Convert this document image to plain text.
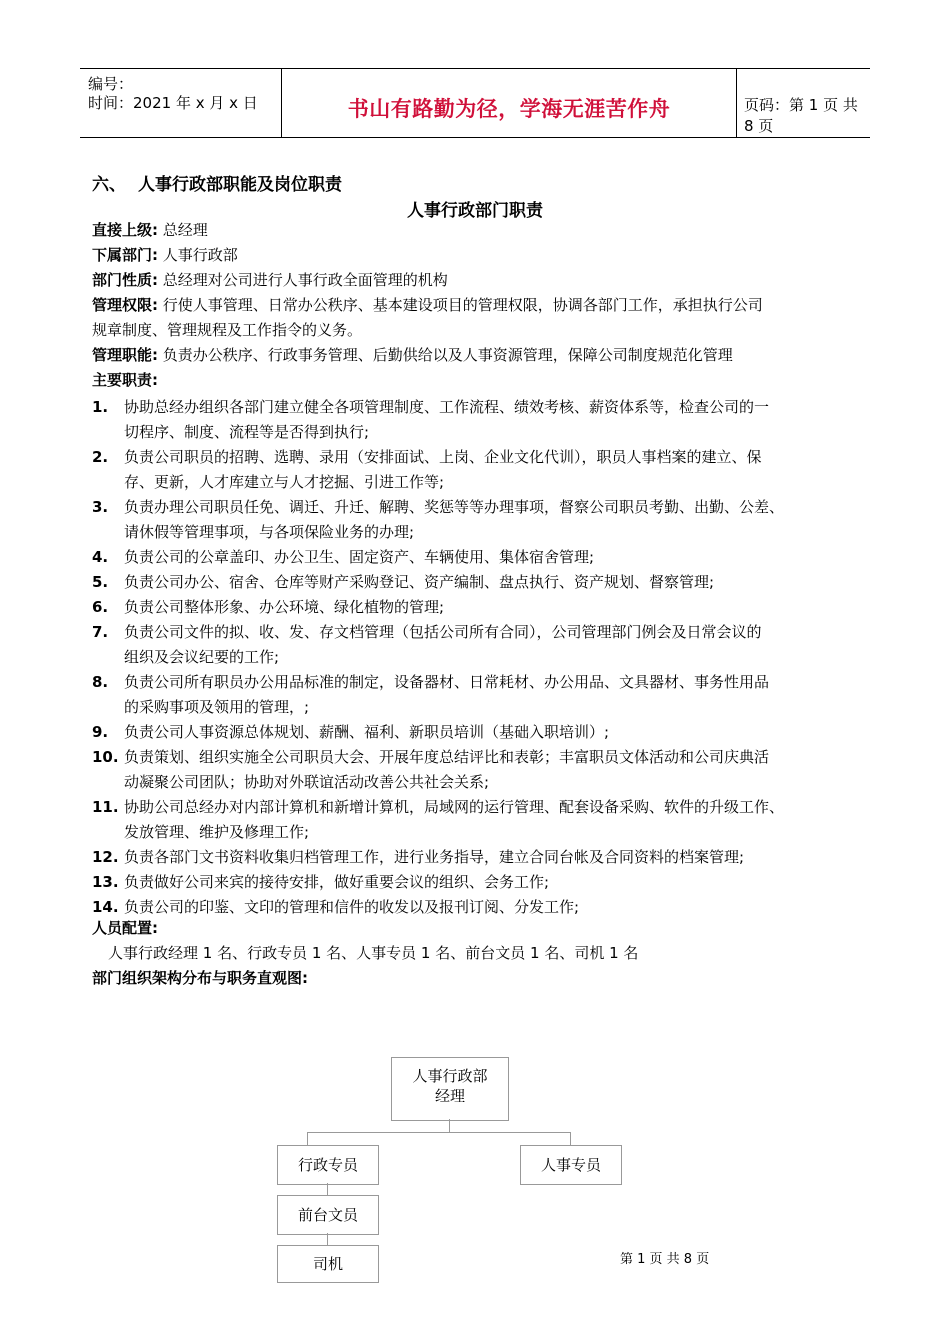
编号：
时间：2021 年 x 月 x 日	书山有路勤为径，学海无涯苦作舟	页码：第 1 页 共 8 页
六、 人事行政部职能及岗位职责
人事行政部门职责
直接上级: 总经理
下属部门: 人事行政部
部门性质: 总经理对公司进行人事行政全面管理的机构
管理权限: 行使人事管理、日常办公秩序、基本建设项目的管理权限，协调各部门工作，承担执行公司
规章制度、管理规程及工作指令的义务。
管理职能: 负责办公秩序、行政事务管理、后勤供给以及人事资源管理，保障公司制度规范化管理
主要职责:
1. 协助总经办组织各部门建立健全各项管理制度、工作流程、绩效考核、薪资体系等，检查公司的一
切程序、制度、流程等是否得到执行;
2. 负责公司职员的招聘、选聘、录用（安排面试、上岗、企业文化代训），职员人事档案的建立、保
存、更新，人才库建立与人才挖掘、引进工作等;
3. 负责办理公司职员任免、调迁、升迁、解聘、奖惩等等办理事项，督察公司职员考勤、出勤、公差、
请休假等管理事项，与各项保险业务的办理;
4. 负责公司的公章盖印、办公卫生、固定资产、车辆使用、集体宿舍管理;
5. 负责公司办公、宿舍、仓库等财产采购登记、资产编制、盘点执行、资产规划、督察管理;
6. 负责公司整体形象、办公环境、绿化植物的管理;
7. 负责公司文件的拟、收、发、存文档管理（包括公司所有合同），公司管理部门例会及日常会议的
组织及会议纪要的工作;
8. 负责公司所有职员办公用品标准的制定，设备器材、日常耗材、办公用品、文具器材、事务性用品
的采购事项及领用的管理，;
9. 负责公司人事资源总体规划、薪酬、福利、新职员培训（基础入职培训）;
10. 负责策划、组织实施全公司职员大会、开展年度总结评比和表彰；丰富职员文体活动和公司庆典活
动凝聚公司团队；协助对外联谊活动改善公共社会关系;
11. 协助公司总经办对内部计算机和新增计算机，局域网的运行管理、配套设备采购、软件的升级工作、
发放管理、维护及修理工作;
12. 负责各部门文书资料收集归档管理工作，进行业务指导，建立合同台帐及合同资料的档案管理;
13. 负责做好公司来宾的接待安排，做好重要会议的组织、会务工作;
14. 负责公司的印鉴、文印的管理和信件的收发以及报刊订阅、分发工作;
人员配置:
人事行政经理 1 名、行政专员 1 名、人事专员 1 名、前台文员 1 名、司机 1 名
部门组织架构分布与职务直观图:
人事行政部
经理
行政专员	人事专员
前台文员
司机	第 1 页 共 8 页
